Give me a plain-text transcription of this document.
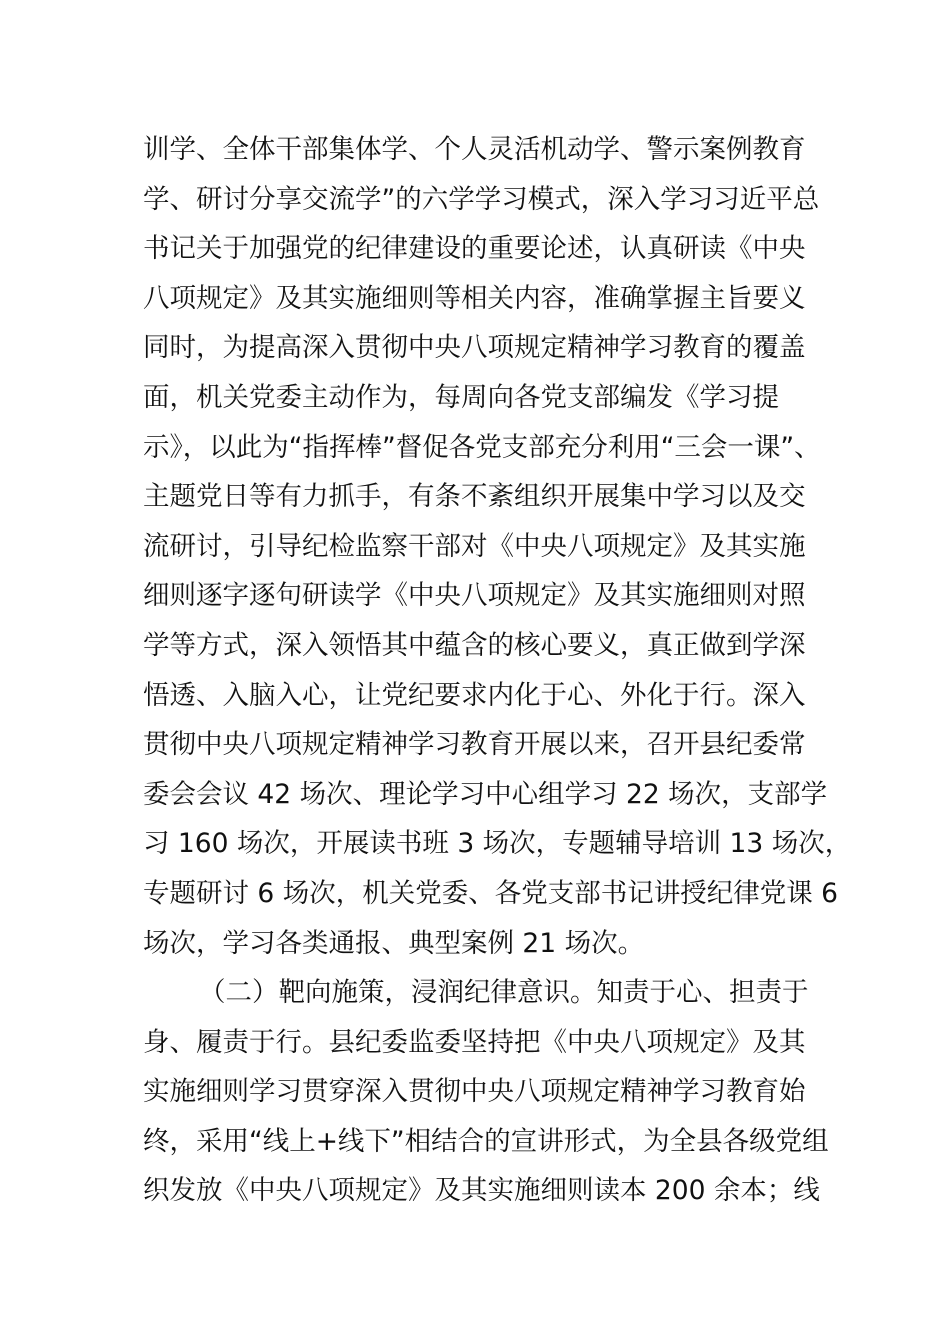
训学、全体干部集体学、个人灵活机动学、警示案例教育
学、研讨分享交流学”的六学学习模式，深入学习习近平总
书记关于加强党的纪律建设的重要论述，认真研读《中央
八项规定》及其实施细则等相关内容，准确掌握主旨要义
同时，为提高深入贯彻中央八项规定精神学习教育的覆盖
面，机关党委主动作为，每周向各党支部编发《学习提
示》，以此为“指挥棒”督促各党支部充分利用“三会一课”、
主题党日等有力抓手，有条不紊组织开展集中学习以及交
流研讨，引导纪检监察干部对《中央八项规定》及其实施
细则逐字逐句研读学《中央八项规定》及其实施细则对照
学等方式，深入领悟其中蕴含的核心要义，真正做到学深
悟透、入脑入心，让党纪要求内化于心、外化于行。深入
贯彻中央八项规定精神学习教育开展以来，召开县纪委常
委会会议 42 场次、理论学习中心组学习 22 场次，支部学
习 160 场次，开展读书班 3 场次，专题辅导培训 13 场次，
专题研讨 6 场次，机关党委、各党支部书记讲授纪律党课 6
场次，学习各类通报、典型案例 21 场次。
（二）靶向施策，浸润纪律意识。知责于心、担责于
身、履责于行。县纪委监委坚持把《中央八项规定》及其
实施细则学习贯穿深入贯彻中央八项规定精神学习教育始
终，采用“线上+线下”相结合的宣讲形式，为全县各级党组
织发放《中央八项规定》及其实施细则读本 200 余本；线
